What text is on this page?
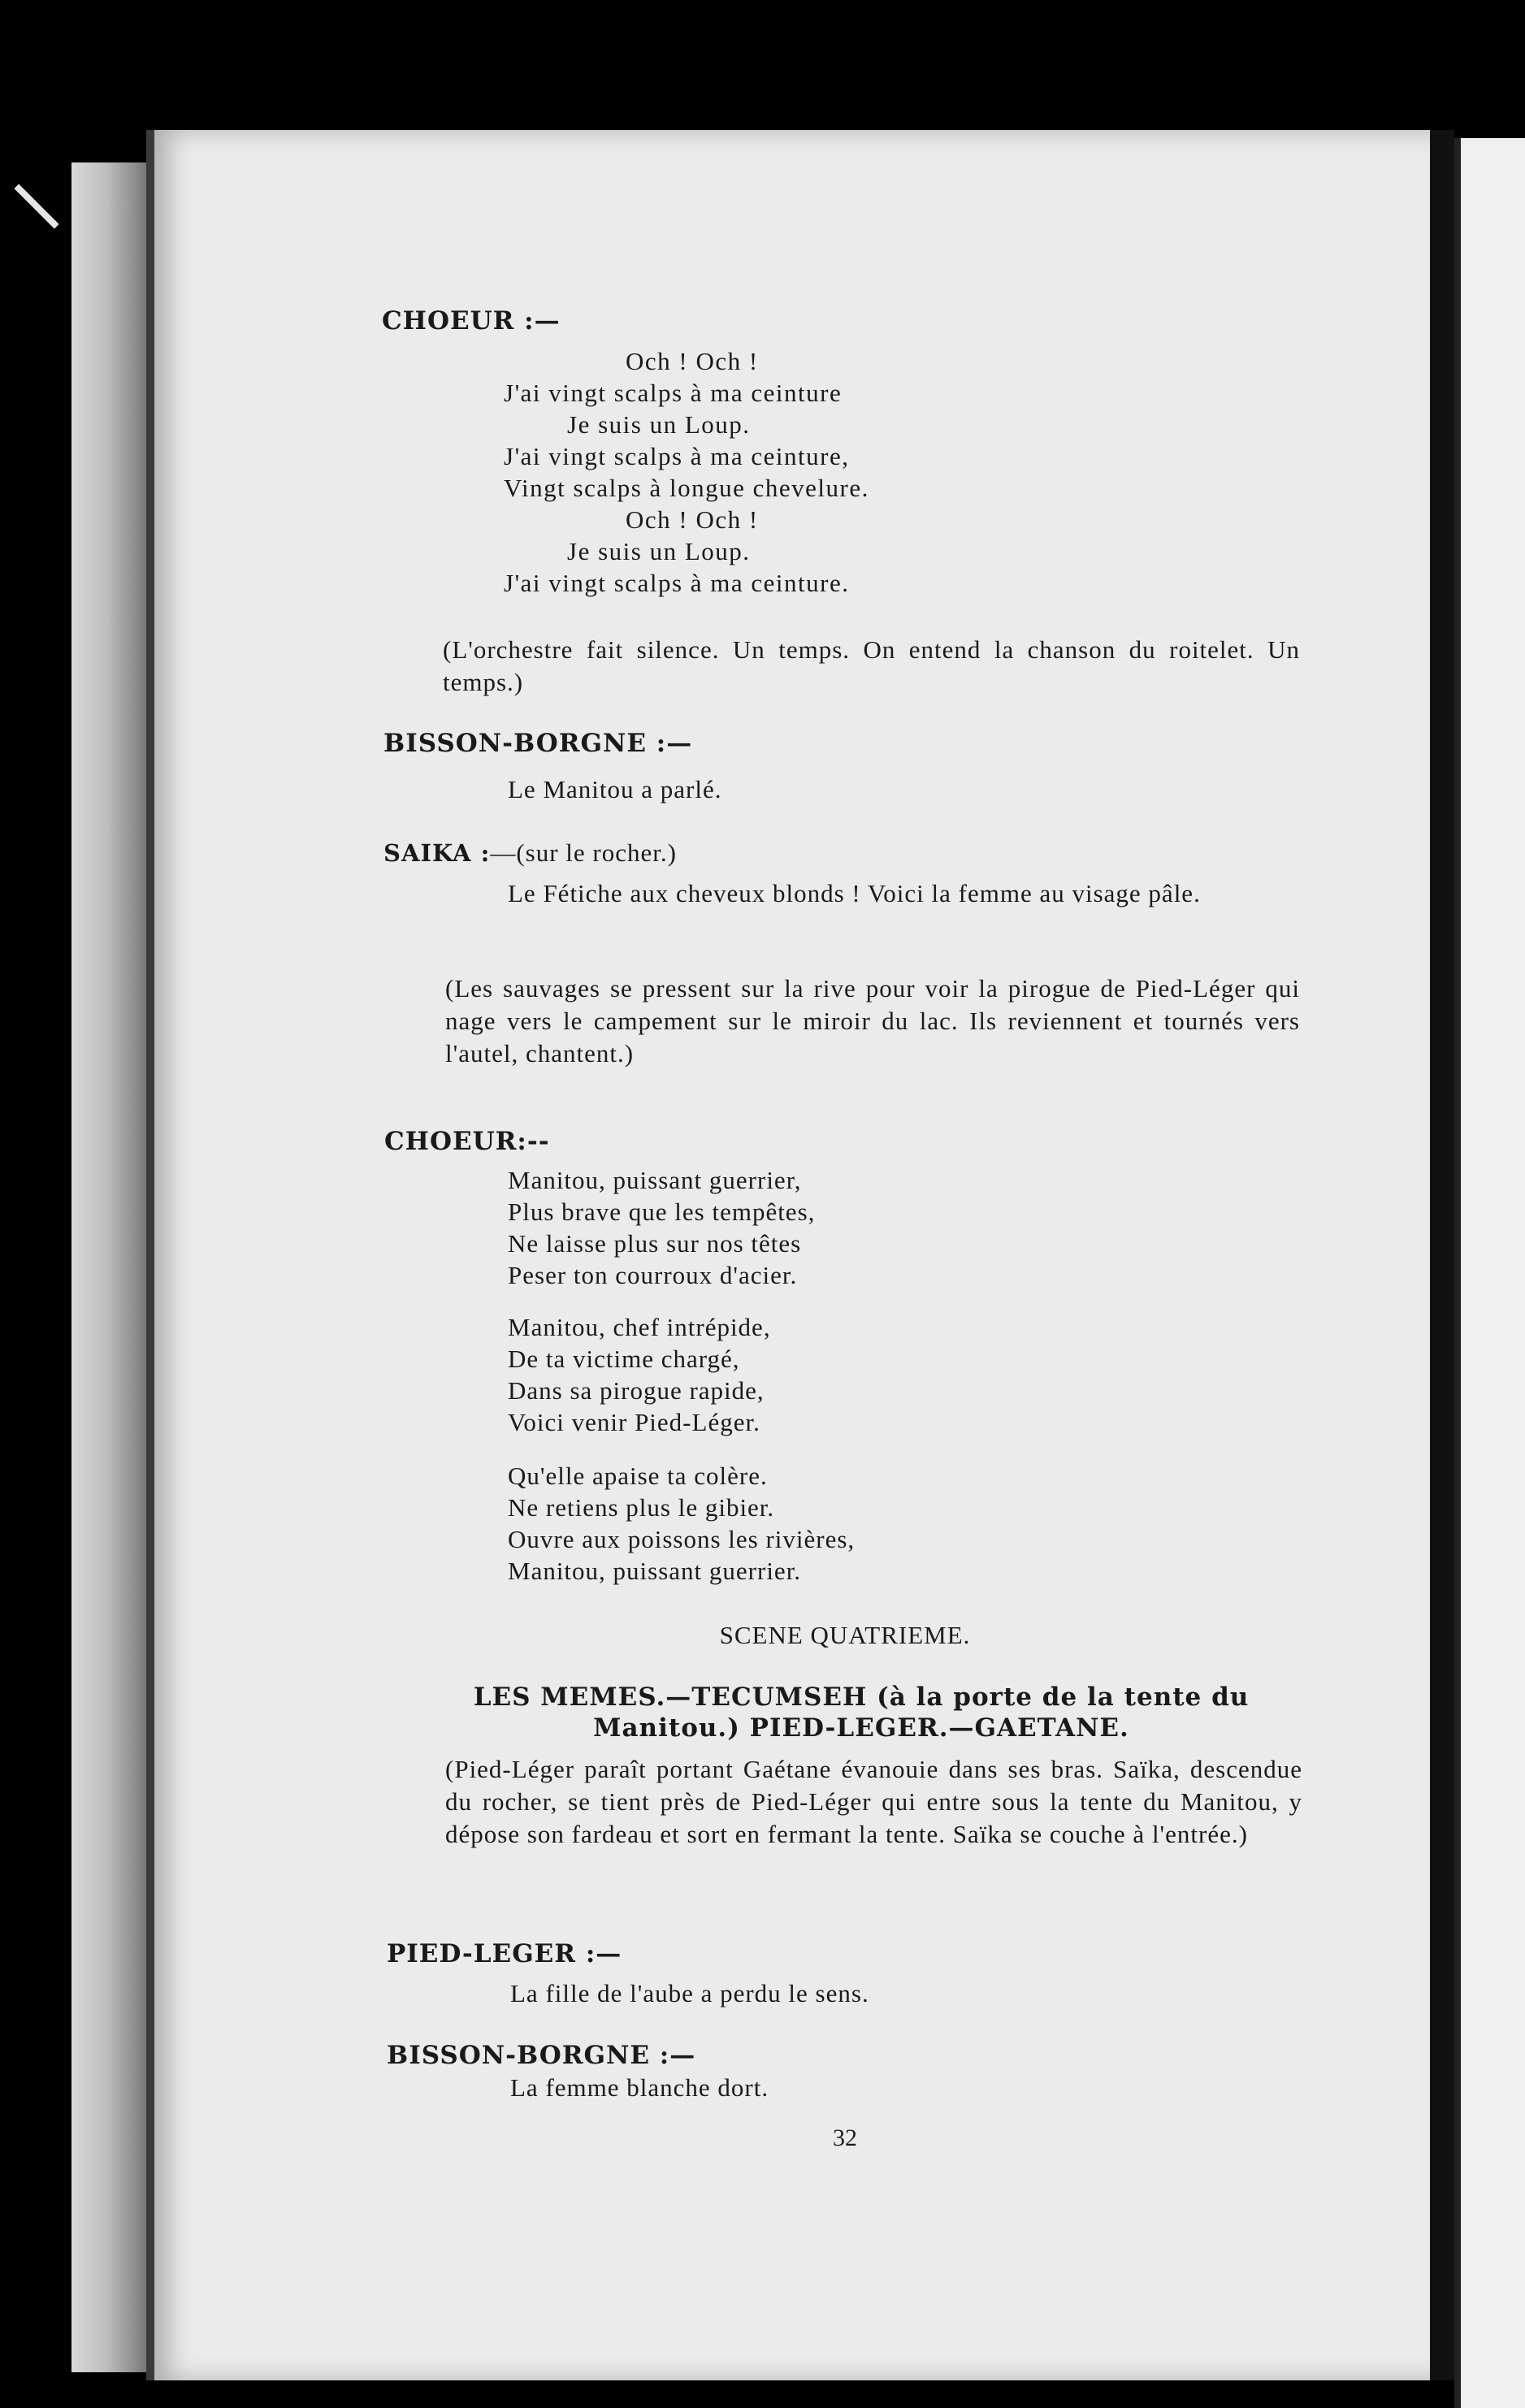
CHOEUR :—
Och ! Och !
J'ai vingt scalps à ma ceinture
Je suis un Loup.
J'ai vingt scalps à ma ceinture,
Vingt scalps à longue chevelure.
Och ! Och !
Je suis un Loup.
J'ai vingt scalps à ma ceinture.
(L'orchestre fait silence. Un temps. On entend la chanson du roitelet. Un temps.)
BISSON-BORGNE :—
Le Manitou a parlé.
SAIKA :—(sur le rocher.)
Le Fétiche aux cheveux blonds ! Voici la femme au visage pâle.
(Les sauvages se pressent sur la rive pour voir la pirogue de Pied-Léger qui nage vers le campement sur le miroir du lac. Ils reviennent et tournés vers l'autel, chantent.)
CHOEUR:--
Manitou, puissant guerrier,
Plus brave que les tempêtes,
Ne laisse plus sur nos têtes
Peser ton courroux d'acier.
Manitou, chef intrépide,
De ta victime chargé,
Dans sa pirogue rapide,
Voici venir Pied-Léger.
Qu'elle apaise ta colère.
Ne retiens plus le gibier.
Ouvre aux poissons les rivières,
Manitou, puissant guerrier.
SCENE QUATRIEME.
LES MEMES.—TECUMSEH (à la porte de la tente du Manitou.) PIED-LEGER.—GAETANE.
(Pied-Léger paraît portant Gaétane évanouie dans ses bras. Saïka, descendue du rocher, se tient près de Pied-Léger qui entre sous la tente du Manitou, y dépose son fardeau et sort en fermant la tente. Saïka se couche à l'entrée.)
PIED-LEGER :—
La fille de l'aube a perdu le sens.
BISSON-BORGNE :—
La femme blanche dort.
32
